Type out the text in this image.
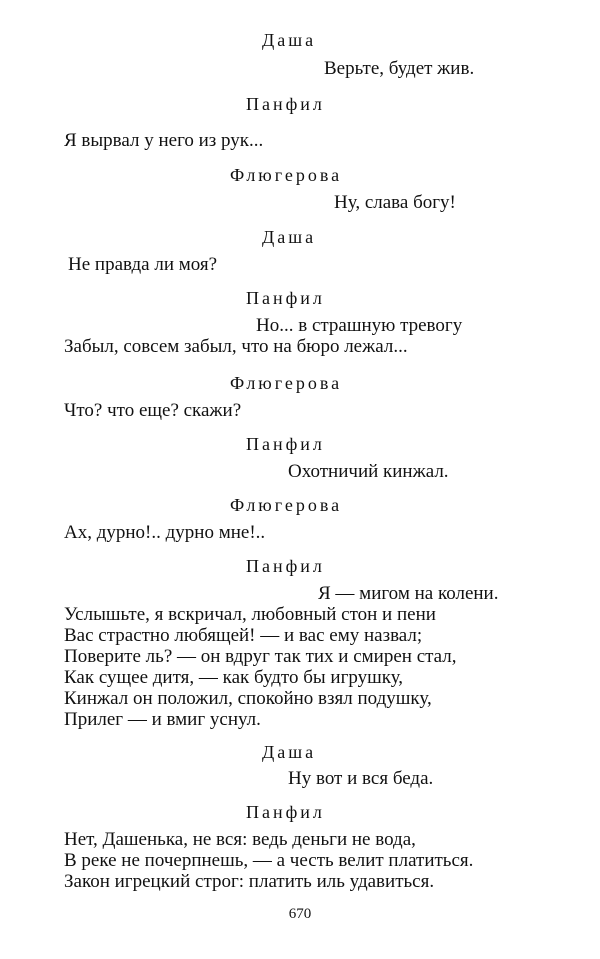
Даша
Верьте, будет жив.
Панфил
Я вырвал у него из рук...
Флюгерова
Ну, слава богу!
Даша
Не правда ли моя?
Панфил
Но... в страшную тревогу
Забыл, совсем забыл, что на бюро лежал...
Флюгерова
Что? что еще? скажи?
Панфил
Охотничий кинжал.
Флюгерова
Ах, дурно!.. дурно мне!..
Панфил
Я — мигом на колени.
Услышьте, я вскричал, любовный стон и пени
Вас страстно любящей! — и вас ему назвал;
Поверите ль? — он вдруг так тих и смирен стал,
Как сущее дитя, — как будто бы игрушку,
Кинжал он положил, спокойно взял подушку,
Прилег — и вмиг уснул.
Даша
Ну вот и вся беда.
Панфил
Нет, Дашенька, не вся: ведь деньги не вода,
В реке не почерпнешь, — а честь велит платиться.
Закон игрецкий строг: платить иль удавиться.
670
